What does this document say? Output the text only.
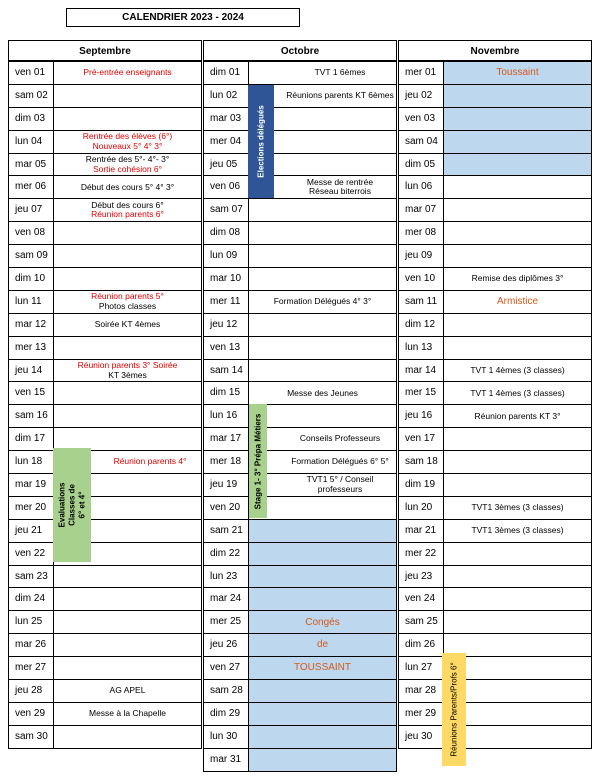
CALENDRIER 2023 - 2024
Septembre
ven 01	Pré-entrée enseignants
sam 02
dim 03
lun 04	Rentrée des élèves (6°)
Nouveaux 5° 4° 3°
mar 05	Rentrée des 5°- 4°- 3°
Sortie cohésion 6°
mer 06	Début des cours 5° 4° 3°
jeu 07	Début des cours 6°
Réunion parents 6°
ven 08
sam 09
dim 10
lun 11	Réunion parents 5°
Photos classes
mar 12	Soirée KT 4èmes
mer 13
jeu 14	Réunion parents 3° Soirée
KT 3èmes
ven 15
sam 16
dim 17
lun 18	Réunion parents 4°
mar 19
mer 20
jeu 21
ven 22
sam 23
dim 24
lun 25
mar 26
mer 27
jeu 28	AG APEL
ven 29	Messe à la Chapelle
sam 30
Octobre
dim 01	TVT 1 6èmes
lun 02	Réunions parents KT 6èmes
mar 03
mer 04
jeu 05
ven 06	Messe de rentrée
Réseau biterrois
sam 07
dim 08
lun 09
mar 10
mer 11	Formation Délégués 4° 3°
jeu 12
ven 13
sam 14
dim 15	Messe des Jeunes
lun 16
mar 17	Conseils Professeurs
mer 18	Formation Délégués 6° 5°
jeu 19	TVT1 5° / Conseil professeurs
ven 20
sam 21
dim 22
lun 23
mar 24
mer 25	Congés
jeu 26	de
ven 27	TOUSSAINT
sam 28
dim 29
lun 30
mar 31
Novembre
mer 01	Toussaint
jeu 02
ven 03
sam 04
dim 05
lun 06
mar 07
mer 08
jeu 09
ven 10	Remise des diplômes 3°
sam 11	Armistice
dim 12
lun 13
mar 14	TVT 1 4èmes (3 classes)
mer 15	TVT 1 4èmes (3 classes)
jeu 16	Réunion parents KT 3°
ven 17
sam 18
dim 19
lun 20	TVT1 3èmes (3 classes)
mar 21	TVT1 3èmes (3 classes)
mer 22
jeu 23
ven 24
sam 25
dim 26
lun 27
mar 28
mer 29
jeu 30
Elections délégués
Evaluations Classes de 6° et 4°	Stage 1- 3° Prépa Métiers
Réunions Parents/Profs 6°
